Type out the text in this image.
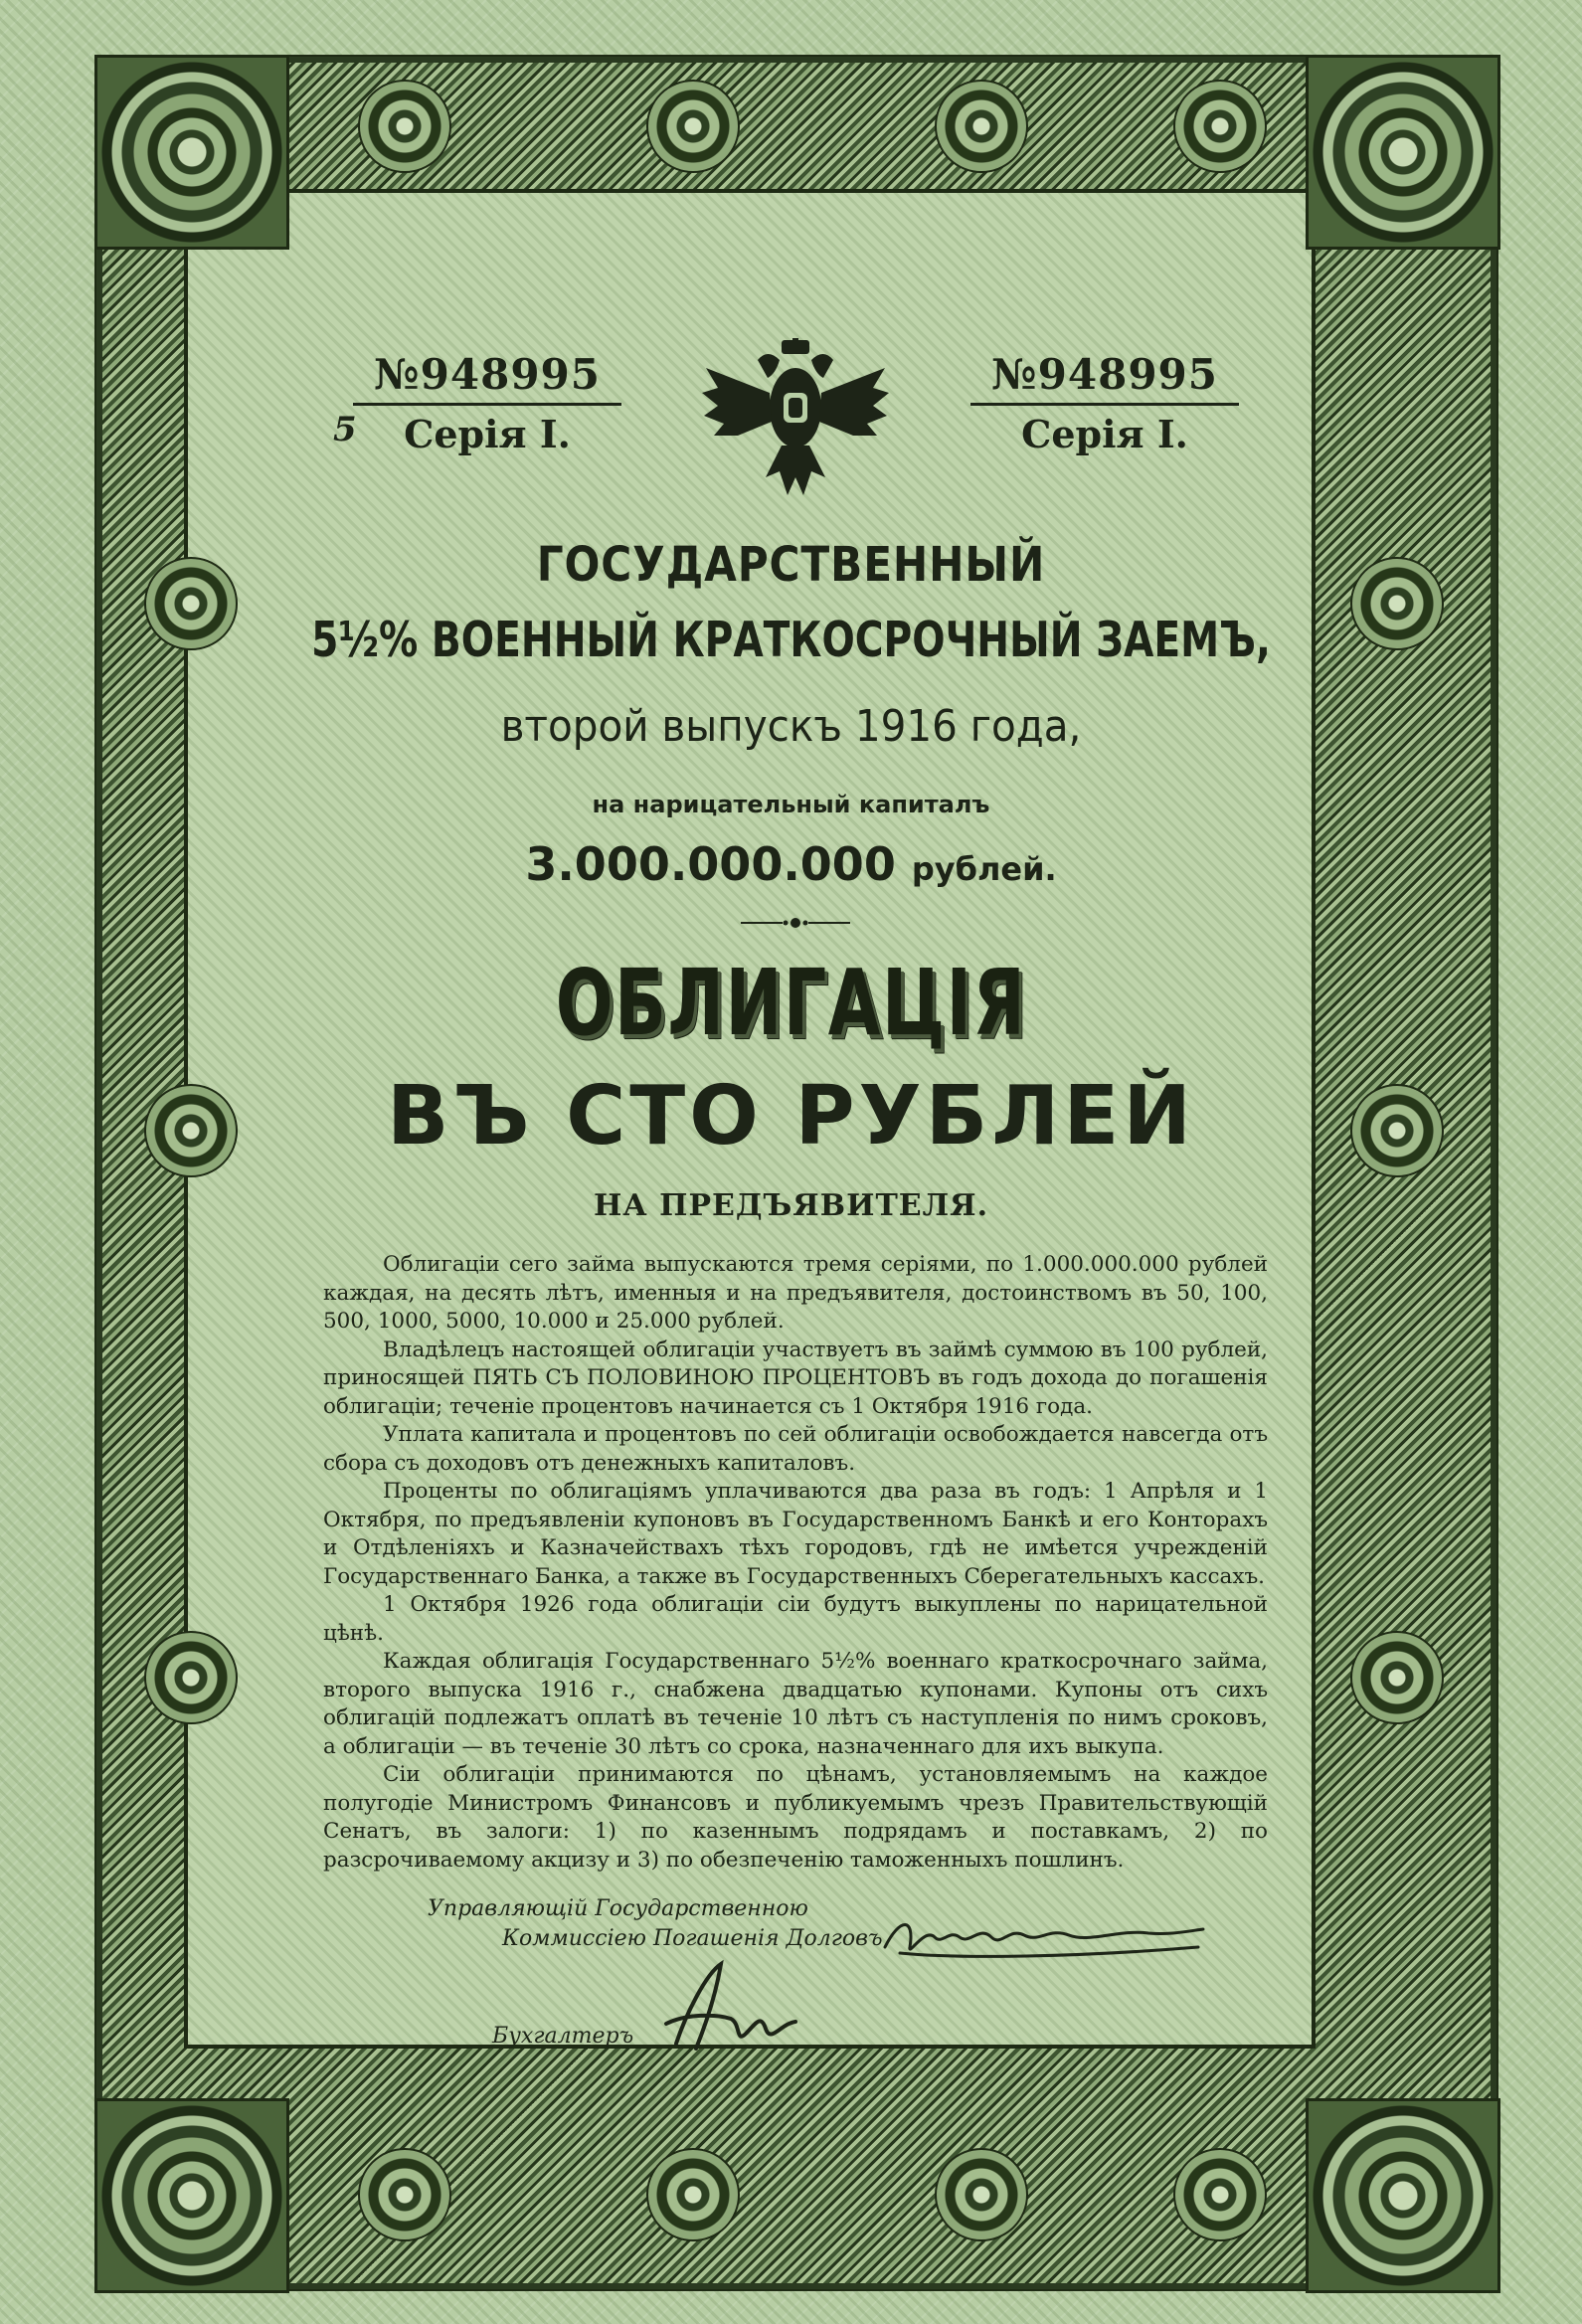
№948995
Серія I.
№948995
Серія I.
5
ГОСУДАРСТВЕННЫЙ
5½% ВОЕННЫЙ КРАТКОСРОЧНЫЙ ЗАЕМЪ,
второй выпускъ 1916 года,
на нарицательный капиталъ
3.000.000.000 рублей.
ОБЛИГАЦІЯ
ВЪ СТО РУБЛЕЙ
НА ПРЕДЪЯВИТЕЛЯ.

Облигаціи сего займа выпускаются тремя серіями, по 1.000.000.000 рублей каждая, на десять лѣтъ, именныя и на предъявителя, достоинствомъ въ 50, 100, 500, 1000, 5000, 10.000 и 25.000 рублей.

Владѣлецъ настоящей облигаціи участвуетъ въ займѣ суммою въ 100 рублей, приносящей ПЯТЬ СЪ ПОЛОВИНОЮ ПРОЦЕНТОВЪ въ годъ дохода до погашенія облигаціи; теченіе процентовъ начинается съ 1 Октября 1916 года.

Уплата капитала и процентовъ по сей облигаціи освобождается навсегда отъ сбора съ доходовъ отъ денежныхъ капиталовъ.

Проценты по облигаціямъ уплачиваются два раза въ годъ: 1 Апрѣля и 1 Октября, по предъявленіи купоновъ въ Государственномъ Банкѣ и его Конторахъ и Отдѣленіяхъ и Казначействахъ тѣхъ городовъ, гдѣ не имѣется учрежденій Государственнаго Банка, а также въ Государственныхъ Сберегательныхъ кассахъ.

1 Октября 1926 года облигаціи сіи будутъ выкуплены по нарицательной цѣнѣ.

Каждая облигація Государственнаго 5½% военнаго краткосрочнаго займа, второго выпуска 1916 г., снабжена двадцатью купонами. Купоны отъ сихъ облигацій подлежатъ оплатѣ въ теченіе 10 лѣтъ съ наступленія по нимъ сроковъ, а облигаціи — въ теченіе 30 лѣтъ со срока, назначеннаго для ихъ выкупа.

Сіи облигаціи принимаются по цѣнамъ, установляемымъ на каждое полугодіе Министромъ Финансовъ и публикуемымъ чрезъ Правительствующій Сенатъ, въ залоги: 1) по казеннымъ подрядамъ и поставкамъ, 2) по разсрочиваемому акцизу и 3) по обезпеченію таможенныхъ пошлинъ.

Управляющій Государственною
Коммиссіею Погашенія Долговъ
Бухгалтеръ
